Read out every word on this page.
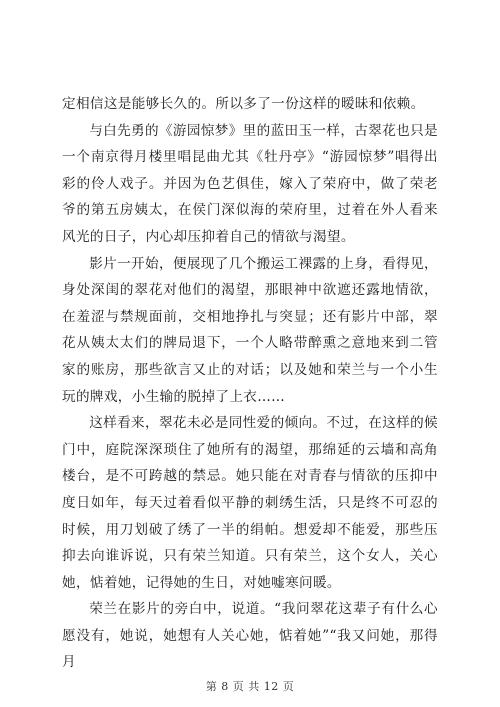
定相信这是能够长久的。所以多了一份这样的暧昧和依赖。

与白先勇的《游园惊梦》里的蓝田玉一样，古翠花也只是一个南京得月楼里唱昆曲尤其《牡丹亭》“游园惊梦”唱得出彩的伶人戏子。并因为色艺俱佳，嫁入了荣府中，做了荣老爷的第五房姨太，在侯门深似海的荣府里，过着在外人看来风光的日子，内心却压抑着自己的情欲与渴望。

影片一开始，便展现了几个搬运工裸露的上身，看得见，身处深闺的翠花对他们的渴望，那眼神中欲遮还露地情欲，在羞涩与禁规面前，交相地挣扎与突显；还有影片中部，翠花从姨太太们的牌局退下，一个人略带醉熏之意地来到二管家的账房，那些欲言又止的对话；以及她和荣兰与一个小生玩的牌戏，小生输的脱掉了上衣……

这样看来，翠花未必是同性爱的倾向。不过，在这样的候门中，庭院深深琐住了她所有的渴望，那绵延的云墙和高角楼台，是不可跨越的禁忌。她只能在对青春与情欲的压抑中度日如年，每天过着看似平静的刺绣生活，只是终不可忍的时候，用刀划破了绣了一半的绢帕。想爱却不能爱，那些压抑去向谁诉说，只有荣兰知道。只有荣兰，这个女人，关心她，惦着她，记得她的生日，对她嘘寒问暖。

荣兰在影片的旁白中，说道。“我问翠花这辈子有什么心愿没有，她说，她想有人关心她，惦着她”“我又问她，那得月

第 8 页 共 12 页
